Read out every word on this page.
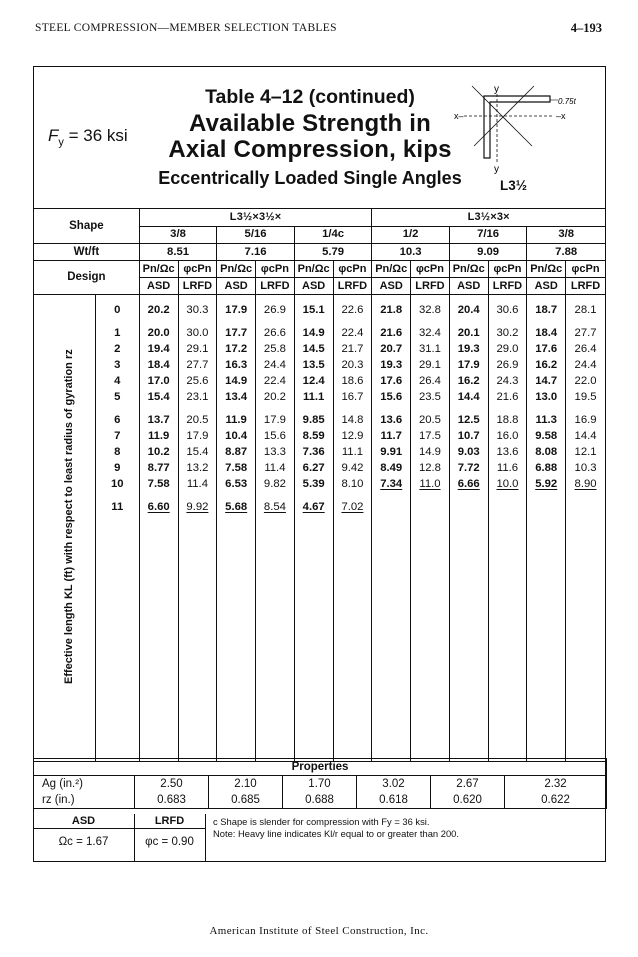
STEEL COMPRESSION—MEMBER SELECTION TABLES	4–193
$F_y = 36$ ksi
Table 4–12 (continued)
Available Strength in
Axial Compression, kips
Eccentrically Loaded Single Angles	L3½
y
y
x–	–x
0.75t
Shape		L3½×3½×						L3½×3×					
		3/8		5/16		1/4c		1/2		7/16		3/8	
Wt/ft		8.51		7.16		5.79		10.3		9.09		7.88	
Design		Pn/Ωc	φcPn	Pn/Ωc	φcPn	Pn/Ωc	φcPn	Pn/Ωc	φcPn	Pn/Ωc	φcPn	Pn/Ωc	φcPn
		ASD	LRFD	ASD	LRFD	ASD	LRFD	ASD	LRFD	ASD	LRFD	ASD	LRFD
	0	20.2	30.3	17.9	26.9	15.1	22.6	21.8	32.8	20.4	30.6	18.7	28.1
	1	20.0	30.0	17.7	26.6	14.9	22.4	21.6	32.4	20.1	30.2	18.4	27.7
	2	19.4	29.1	17.2	25.8	14.5	21.7	20.7	31.1	19.3	29.0	17.6	26.4
	3	18.4	27.7	16.3	24.4	13.5	20.3	19.3	29.1	17.9	26.9	16.2	24.4
	4	17.0	25.6	14.9	22.4	12.4	18.6	17.6	26.4	16.2	24.3	14.7	22.0
	5	15.4	23.1	13.4	20.2	11.1	16.7	15.6	23.5	14.4	21.6	13.0	19.5
	6	13.7	20.5	11.9	17.9	9.85	14.8	13.6	20.5	12.5	18.8	11.3	16.9
	7	11.9	17.9	10.4	15.6	8.59	12.9	11.7	17.5	10.7	16.0	9.58	14.4
	8	10.2	15.4	8.87	13.3	7.36	11.1	9.91	14.9	9.03	13.6	8.08	12.1
	9	8.77	13.2	7.58	11.4	6.27	9.42	8.49	12.8	7.72	11.6	6.88	10.3
	10	7.58	11.4	6.53	9.82	5.39	8.10	7.34	11.0	6.66	10.0	5.92	8.90
	11	6.60	9.92	5.68	8.54	4.67	7.02						

Effective length KL (ft) with respect to least radius of gyration rz
Properties						
Ag (in.²)	2.50	2.10	1.70	3.02	2.67	2.32
rz (in.)	0.683	0.685	0.688	0.618	0.620	0.622
ASD	LRFD
Ωc = 1.67	φc = 0.90
c Shape is slender for compression with Fy = 36 ksi.
Note: Heavy line indicates Kl/r equal to or greater than 200.
American Institute of Steel Construction, Inc.
